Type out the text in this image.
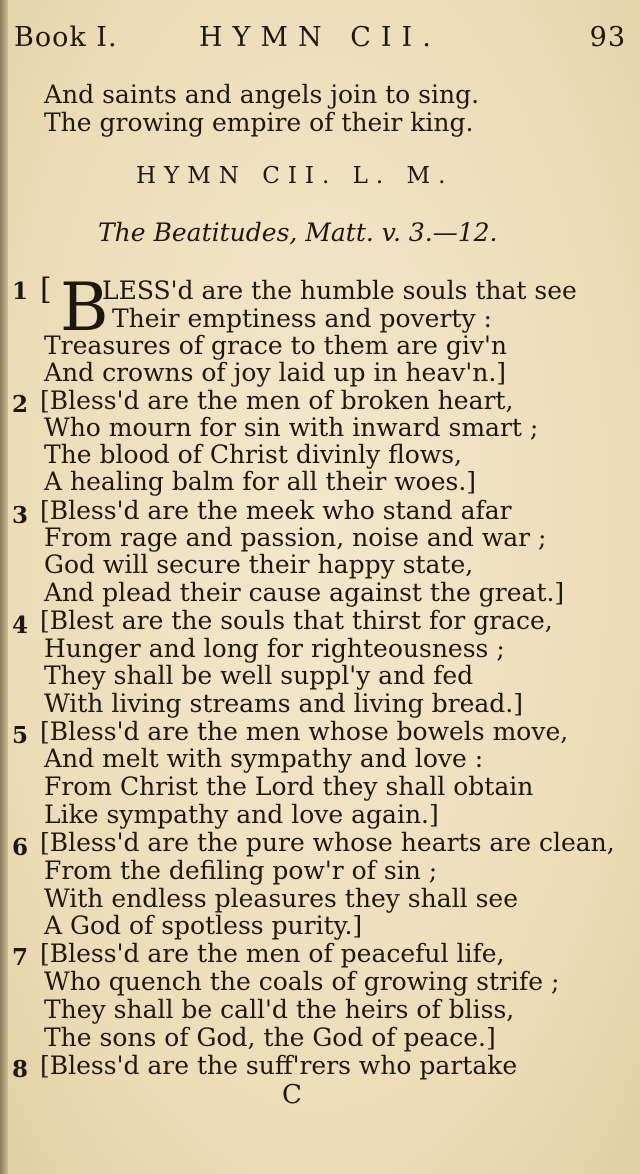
Book I.	HYMN CII.	93
And saints and angels join to sing.
The growing empire of their king.
HYMN CII. L. M.
The Beatitudes, Matt. v. 3.—12.
1 [ B
LESS'd are the humble souls that see
Their emptiness and poverty :
Treasures of grace to them are giv'n
And crowns of joy laid up in heav'n.]
2 [Bless'd are the men of broken heart,
Who mourn for sin with inward smart ;
The blood of Christ divinly flows,
A healing balm for all their woes.]
3 [Bless'd are the meek who stand afar
From rage and passion, noise and war ;
God will secure their happy state,
And plead their cause against the great.]
4 [Blest are the souls that thirst for grace,
Hunger and long for righteousness ;
They shall be well suppl'y and fed
With living streams and living bread.]
5 [Bless'd are the men whose bowels move,
And melt with sympathy and love :
From Christ the Lord they shall obtain
Like sympathy and love again.]
6 [Bless'd are the pure whose hearts are clean,
From the defiling pow'r of sin ;
With endless pleasures they shall see
A God of spotless purity.]
7 [Bless'd are the men of peaceful life,
Who quench the coals of growing strife ;
They shall be call'd the heirs of bliss,
The sons of God, the God of peace.]
8 [Bless'd are the suff'rers who partake
C
